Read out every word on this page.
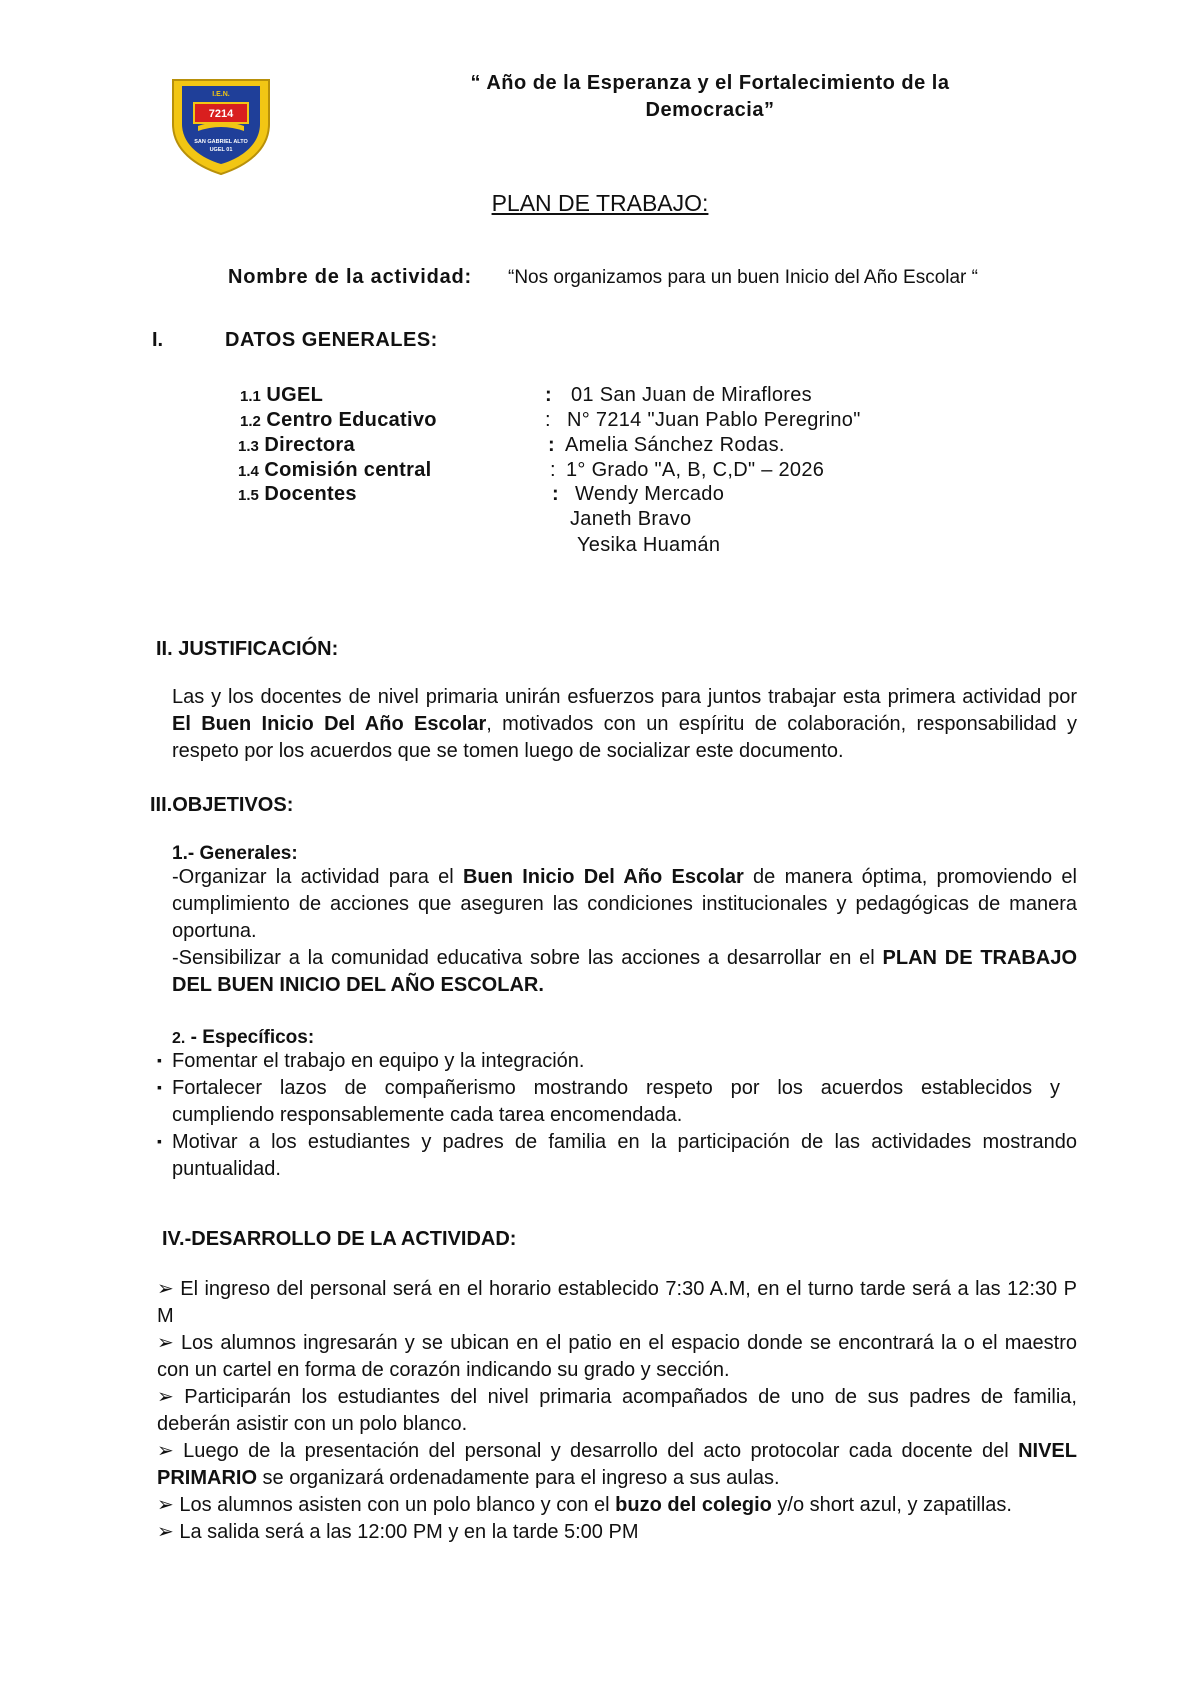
I.E.N.
7214
SAN GABRIEL ALTO
UGEL 01
“ Año de la Esperanza y el Fortalecimiento de la
Democracia”
PLAN DE TRABAJO:
Nombre de la actividad: “Nos organizamos para un buen Inicio del Año Escolar “
I.	DATOS GENERALES:
1.1 UGEL	: 01 San Juan de Miraflores
1.2 Centro Educativo	: N° 7214 "Juan Pablo Peregrino"
1.3 Directora	: Amelia Sánchez Rodas.
1.4 Comisión central	: 1° Grado "A, B, C,D" – 2026
1.5 Docentes	: Wendy Mercado
Janeth Bravo
Yesika Huamán
II. JUSTIFICACIÓN:
Las y los docentes de nivel primaria unirán esfuerzos para juntos trabajar esta primera actividad por
El Buen Inicio Del Año Escolar, motivados con un espíritu de colaboración, responsabilidad y
respeto por los acuerdos que se tomen luego de socializar este documento.
III.OBJETIVOS:
1.- Generales:
-Organizar la actividad para el Buen Inicio Del Año Escolar de manera óptima, promoviendo el
cumplimiento de acciones que aseguren las condiciones institucionales y pedagógicas de manera
oportuna.
-Sensibilizar a la comunidad educativa sobre las acciones a desarrollar en el PLAN DE TRABAJO
DEL BUEN INICIO DEL AÑO ESCOLAR.
2. - Específicos:
▪ Fomentar el trabajo en equipo y la integración.
▪ Fortalecer lazos de compañerismo mostrando respeto por los acuerdos establecidos y
cumpliendo responsablemente cada tarea encomendada.
▪ Motivar a los estudiantes y padres de familia en la participación de las actividades mostrando
puntualidad.
IV.-DESARROLLO DE LA ACTIVIDAD:
➢ El ingreso del personal será en el horario establecido 7:30 A.M, en el turno tarde será a las 12:30 P M
➢ Los alumnos ingresarán y se ubican en el patio en el espacio donde se encontrará la o el maestro
con un cartel en forma de corazón indicando su grado y sección.
➢ Participarán los estudiantes del nivel primaria acompañados de uno de sus padres de familia,
deberán asistir con un polo blanco.
➢ Luego de la presentación del personal y desarrollo del acto protocolar cada docente del NIVEL
PRIMARIO se organizará ordenadamente para el ingreso a sus aulas.
➢ Los alumnos asisten con un polo blanco y con el buzo del colegio y/o short azul, y zapatillas.
➢ La salida será a las 12:00 PM y en la tarde 5:00 PM
